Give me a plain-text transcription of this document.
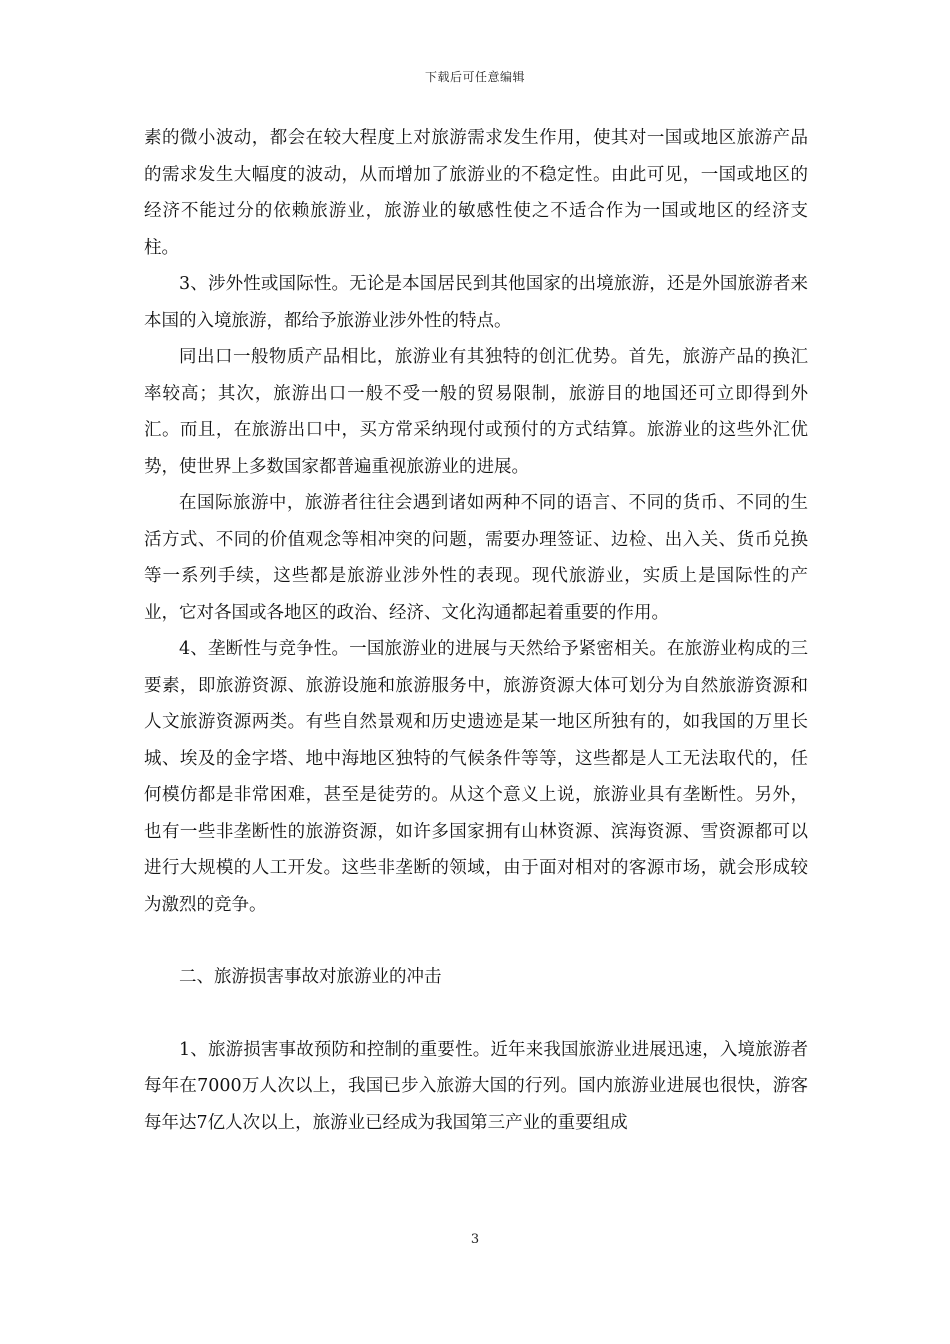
下载后可任意编辑

素的微小波动，都会在较大程度上对旅游需求发生作用，使其对一国或地区旅游产品的需求发生大幅度的波动，从而增加了旅游业的不稳定性。由此可见，一国或地区的经济不能过分的依赖旅游业，旅游业的敏感性使之不适合作为一国或地区的经济支柱。

3、涉外性或国际性。无论是本国居民到其他国家的出境旅游，还是外国旅游者来本国的入境旅游，都给予旅游业涉外性的特点。

同出口一般物质产品相比，旅游业有其独特的创汇优势。首先，旅游产品的换汇率较高；其次，旅游出口一般不受一般的贸易限制，旅游目的地国还可立即得到外汇。而且，在旅游出口中，买方常采纳现付或预付的方式结算。旅游业的这些外汇优势，使世界上多数国家都普遍重视旅游业的进展。

在国际旅游中，旅游者往往会遇到诸如两种不同的语言、不同的货币、不同的生活方式、不同的价值观念等相冲突的问题，需要办理签证、边检、出入关、货币兑换等一系列手续，这些都是旅游业涉外性的表现。现代旅游业，实质上是国际性的产业，它对各国或各地区的政治、经济、文化沟通都起着重要的作用。

4、垄断性与竞争性。一国旅游业的进展与天然给予紧密相关。在旅游业构成的三要素，即旅游资源、旅游设施和旅游服务中，旅游资源大体可划分为自然旅游资源和人文旅游资源两类。有些自然景观和历史遗迹是某一地区所独有的，如我国的万里长城、埃及的金字塔、地中海地区独特的气候条件等等，这些都是人工无法取代的，任何模仿都是非常困难，甚至是徒劳的。从这个意义上说，旅游业具有垄断性。另外，也有一些非垄断性的旅游资源，如许多国家拥有山林资源、滨海资源、雪资源都可以进行大规模的人工开发。这些非垄断的领域，由于面对相对的客源市场，就会形成较为激烈的竞争。

二、旅游损害事故对旅游业的冲击

1、旅游损害事故预防和控制的重要性。近年来我国旅游业进展迅速，入境旅游者每年在7000万人次以上，我国已步入旅游大国的行列。国内旅游业进展也很快，游客每年达7亿人次以上，旅游业已经成为我国第三产业的重要组成

3
